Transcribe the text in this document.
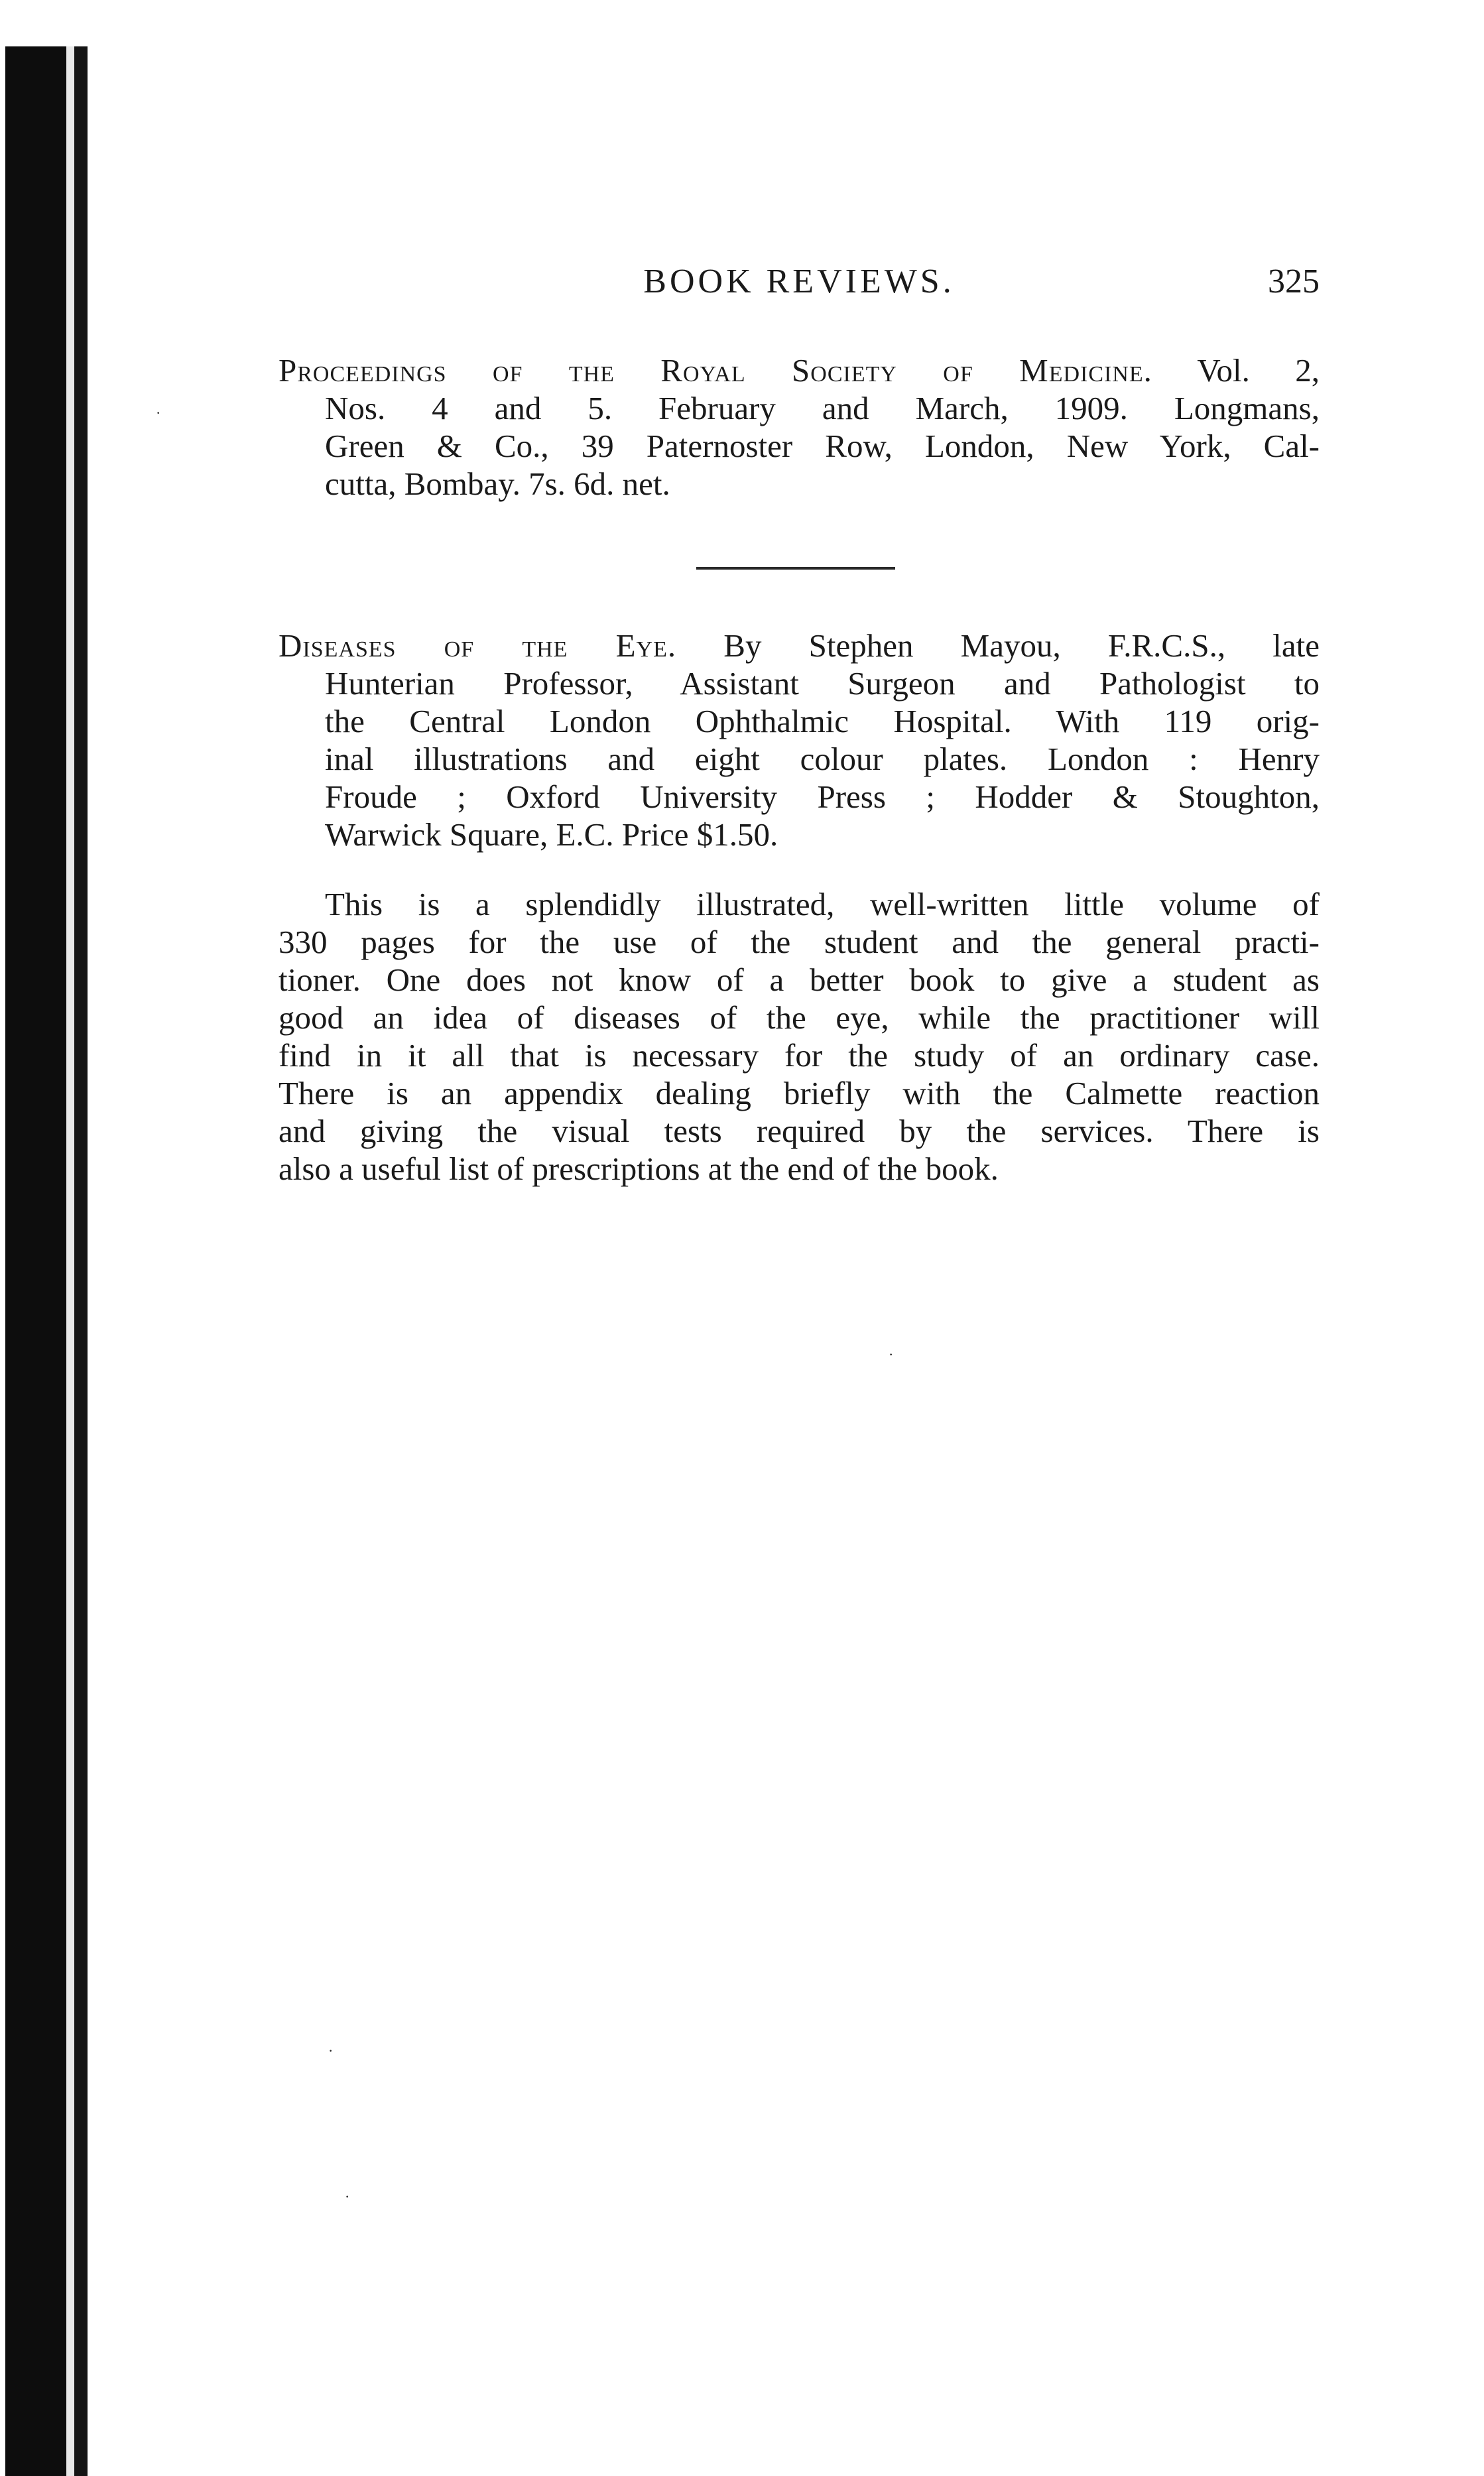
BOOK REVIEWS.	325
Proceedings of the Royal Society of Medicine. Vol. 2,
Nos. 4 and 5. February and March, 1909. Longmans,
Green & Co., 39 Paternoster Row, London, New York, Cal-
cutta, Bombay. 7s. 6d. net.
Diseases of the Eye. By Stephen Mayou, F.R.C.S., late
Hunterian Professor, Assistant Surgeon and Pathologist to
the Central London Ophthalmic Hospital. With 119 orig-
inal illustrations and eight colour plates. London : Henry
Froude ; Oxford University Press ; Hodder & Stoughton,
Warwick Square, E.C. Price $1.50.
This is a splendidly illustrated, well-written little volume of
330 pages for the use of the student and the general practi-
tioner. One does not know of a better book to give a student as
good an idea of diseases of the eye, while the practitioner will
find in it all that is necessary for the study of an ordinary case.
There is an appendix dealing briefly with the Calmette reaction
and giving the visual tests required by the services. There is
also a useful list of prescriptions at the end of the book.
·
·
·
·
